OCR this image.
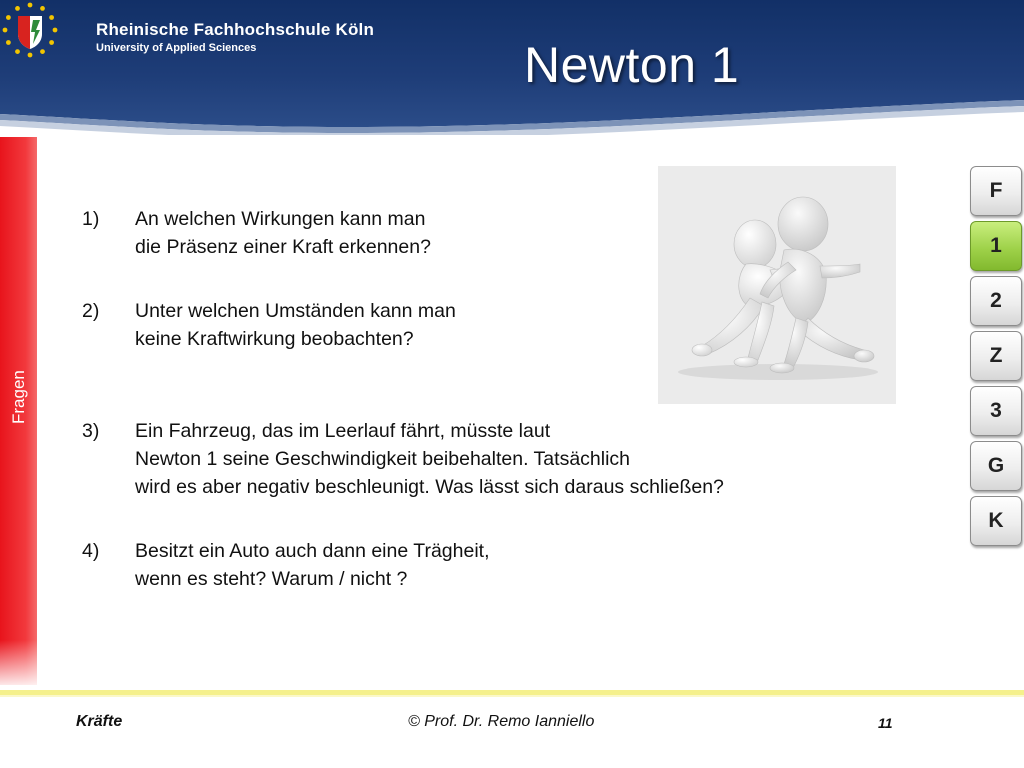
Rheinische Fachhochschule Köln
University of Applied Sciences	Newton 1
Fragen
1) An welchen Wirkungen kann man
die Präsenz einer Kraft erkennen?
2) Unter welchen Umständen kann man
keine Kraftwirkung beobachten?
3) Ein Fahrzeug, das im Leerlauf fährt, müsste laut
Newton 1 seine Geschwindigkeit beibehalten. Tatsächlich
wird es aber negativ beschleunigt. Was lässt sich daraus schließen?
4) Besitzt ein Auto auch dann eine Trägheit,
wenn es steht? Warum / nicht ?
F
1
2
Z
3
G
K
Kräfte	© Prof. Dr. Remo Ianniello	11
